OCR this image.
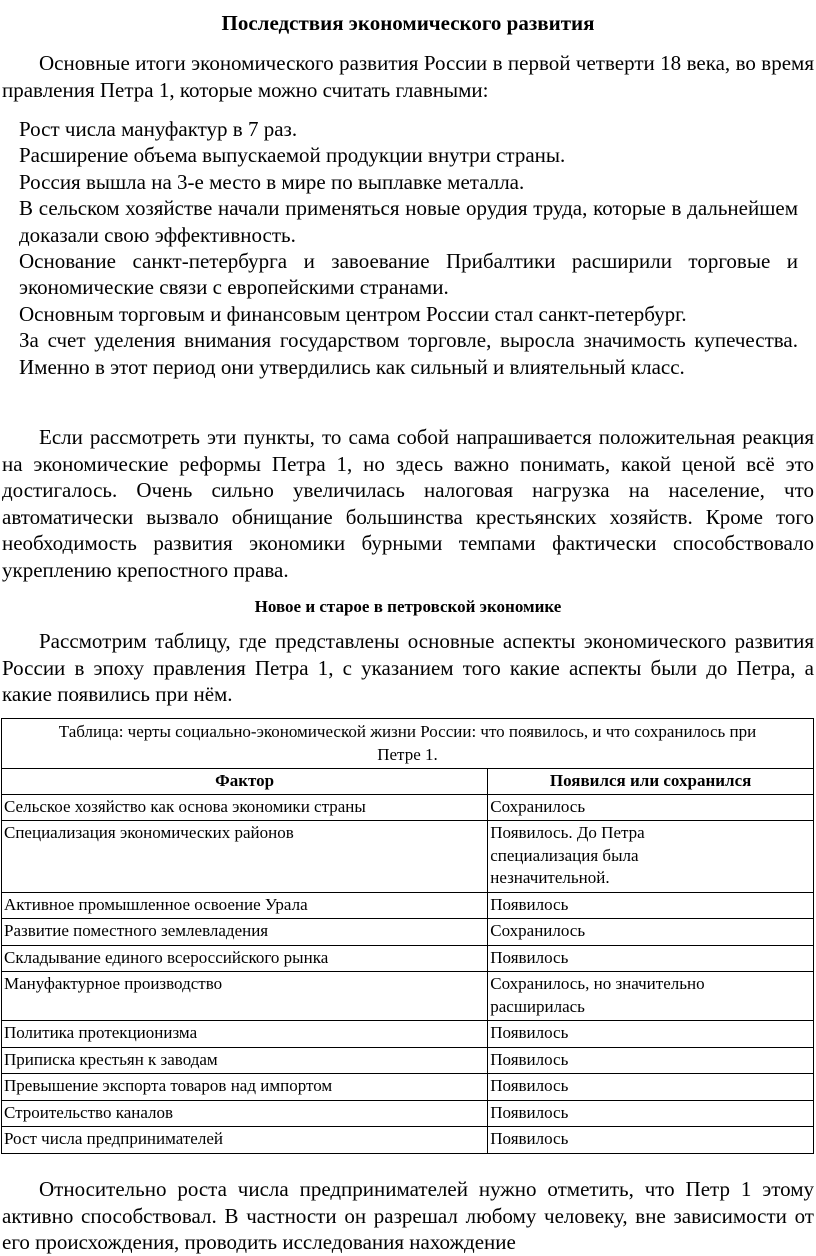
Последствия экономического развития

Основные итоги экономического развития России в первой четверти 18 века, во время правления Петра 1, которые можно считать главными:

Рост числа мануфактур в 7 раз.
Расширение объема выпускаемой продукции внутри страны.
Россия вышла на 3-е место в мире по выплавке металла.
В сельском хозяйстве начали применяться новые орудия труда, которые в дальнейшем доказали свою эффективность.
Основание санкт-петербурга и завоевание Прибалтики расширили торговые и экономические связи с европейскими странами.
Основным торговым и финансовым центром России стал санкт-петербург.
За счет уделения внимания государством торговле, выросла значимость купечества. Именно в этот период они утвердились как сильный и влиятельный класс.

Если рассмотреть эти пункты, то сама собой напрашивается положительная реакция на экономические реформы Петра 1, но здесь важно понимать, какой ценой всё это достигалось. Очень сильно увеличилась налоговая нагрузка на население, что автоматически вызвало обнищание большинства крестьянских хозяйств. Кроме того необходимость развития экономики бурными темпами фактически способствовало укреплению крепостного права.

Новое и старое в петровской экономике

Рассмотрим таблицу, где представлены основные аспекты экономического развития России в эпоху правления Петра 1, с указанием того какие аспекты были до Петра, а какие появились при нём.

Таблица: черты социально-экономической жизни России: что появилось, и что сохранилось при Петре 1.	
Фактор	Появился или сохранился
Сельское хозяйство как основа экономики страны	Сохранилось
Специализация экономических районов	Появилось. До Петра специализация была незначительной.
Активное промышленное освоение Урала	Появилось
Развитие поместного землевладения	Сохранилось
Складывание единого всероссийского рынка	Появилось
Мануфактурное производство	Сохранилось, но значительно расширилась
Политика протекционизма	Появилось
Приписка крестьян к заводам	Появилось
Превышение экспорта товаров над импортом	Появилось
Строительство каналов	Появилось
Рост числа предпринимателей	Появилось

Относительно роста числа предпринимателей нужно отметить, что Петр 1 этому активно способствовал. В частности он разрешал любому человеку, вне зависимости от его происхождения, проводить исследования нахождение
